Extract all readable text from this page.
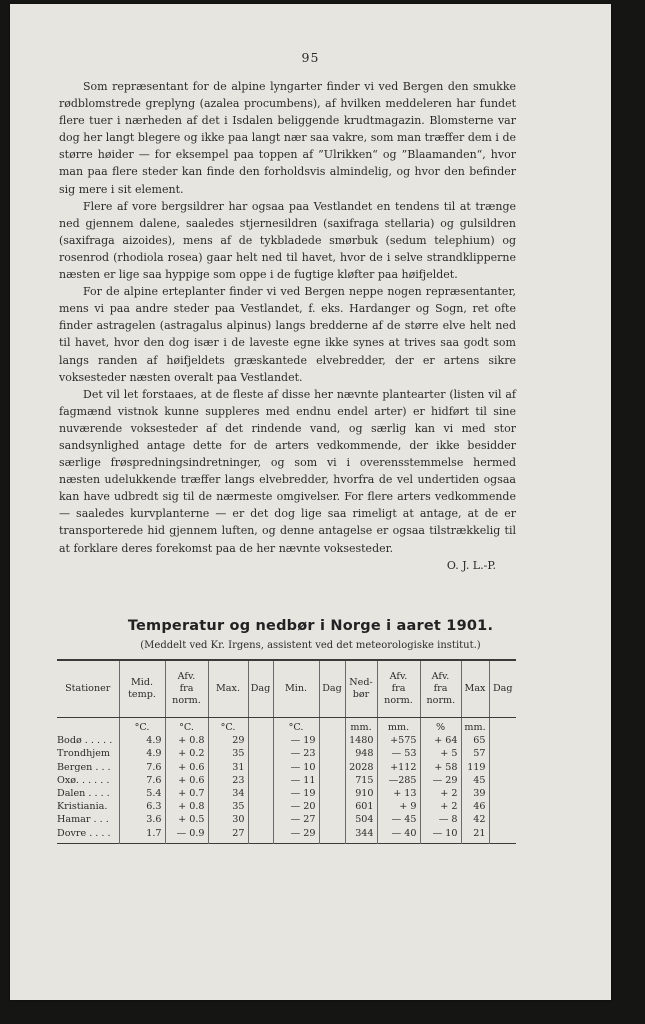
95

Som repræsentant for de alpine lyngarter finder vi ved Bergen den smukke rødblomstrede greplyng (azalea procumbens), af hvilken meddeleren har fundet flere tuer i nærheden af det i Isdalen beliggende krudtmagazin. Blomsterne var dog her langt blegere og ikke paa langt nær saa vakre, som man træffer dem i de større høider — for eksempel paa toppen af ”Ulrikken“ og ”Blaamanden“, hvor man paa flere steder kan finde den forholdsvis almindelig, og hvor den befinder sig mere i sit element.

Flere af vore bergsildrer har ogsaa paa Vestlandet en tendens til at trænge ned gjennem dalene, saaledes stjernesildren (saxifraga stellaria) og gulsildren (saxifraga aizoides), mens af de tykbladede smørbuk (sedum telephium) og rosenrod (rhodiola rosea) gaar helt ned til havet, hvor de i selve strandklipperne næsten er lige saa hyppige som oppe i de fugtige kløfter paa høifjeldet.

For de alpine erteplanter finder vi ved Bergen neppe nogen repræsentanter, mens vi paa andre steder paa Vestlandet, f. eks. Hardanger og Sogn, ret ofte finder astragelen (astragalus alpinus) langs bredderne af de større elve helt ned til havet, hvor den dog især i de laveste egne ikke synes at trives saa godt som langs randen af høifjeldets græskantede elvebredder, der er artens sikre voksesteder næsten overalt paa Vestlandet.

Det vil let forstaaes, at de fleste af disse her nævnte plantearter (listen vil af fagmænd vistnok kunne suppleres med endnu endel arter) er hidført til sine nuværende voksesteder af det rindende vand, og særlig kan vi med stor sandsynlighed antage dette for de arters vedkommende, der ikke besidder særlige frøspredningsindretninger, og som vi i overensstemmelse hermed næsten udelukkende træffer langs elvebredder, hvorfra de vel undertiden ogsaa kan have udbredt sig til de nærmeste omgivelser. For flere arters vedkommende — saaledes kurvplanterne — er det dog lige saa rimeligt at antage, at de er transporterede hid gjennem luften, og denne antagelse er ogsaa tilstrækkelig til at forklare deres forekomst paa de her nævnte voksesteder.

O. J. L.-P.
Temperatur og nedbør i Norge i aaret 1901.
(Meddelt ved Kr. Irgens, assistent ved det meteorologiske institut.)
Stationer	Mid. temp.	Afv. fra norm.	Max.	Dag	Min.	Dag	Ned-bør	Afv. fra norm.	Afv. fra norm.	Max	Dag
	°C.	°C.	°C.		°C.		mm.	mm.	%	mm.	
Bodø . . . . .	4.9	+ 0.8	29		— 19		1480	+575	+ 64	65	
Trondhjem	4.9	+ 0.2	35		— 23		948	— 53	+ 5	57	
Bergen . . .	7.6	+ 0.6	31		— 10		2028	+112	+ 58	119	
Oxø. . . . . .	7.6	+ 0.6	23		— 11		715	—285	— 29	45	
Dalen . . . .	5.4	+ 0.7	34		— 19		910	+ 13	+ 2	39	
Kristiania.	6.3	+ 0.8	35		— 20		601	+ 9	+ 2	46	
Hamar . . .	3.6	+ 0.5	30		— 27		504	— 45	— 8	42	
Dovre . . . .	1.7	— 0.9	27		— 29		344	— 40	— 10	21	
